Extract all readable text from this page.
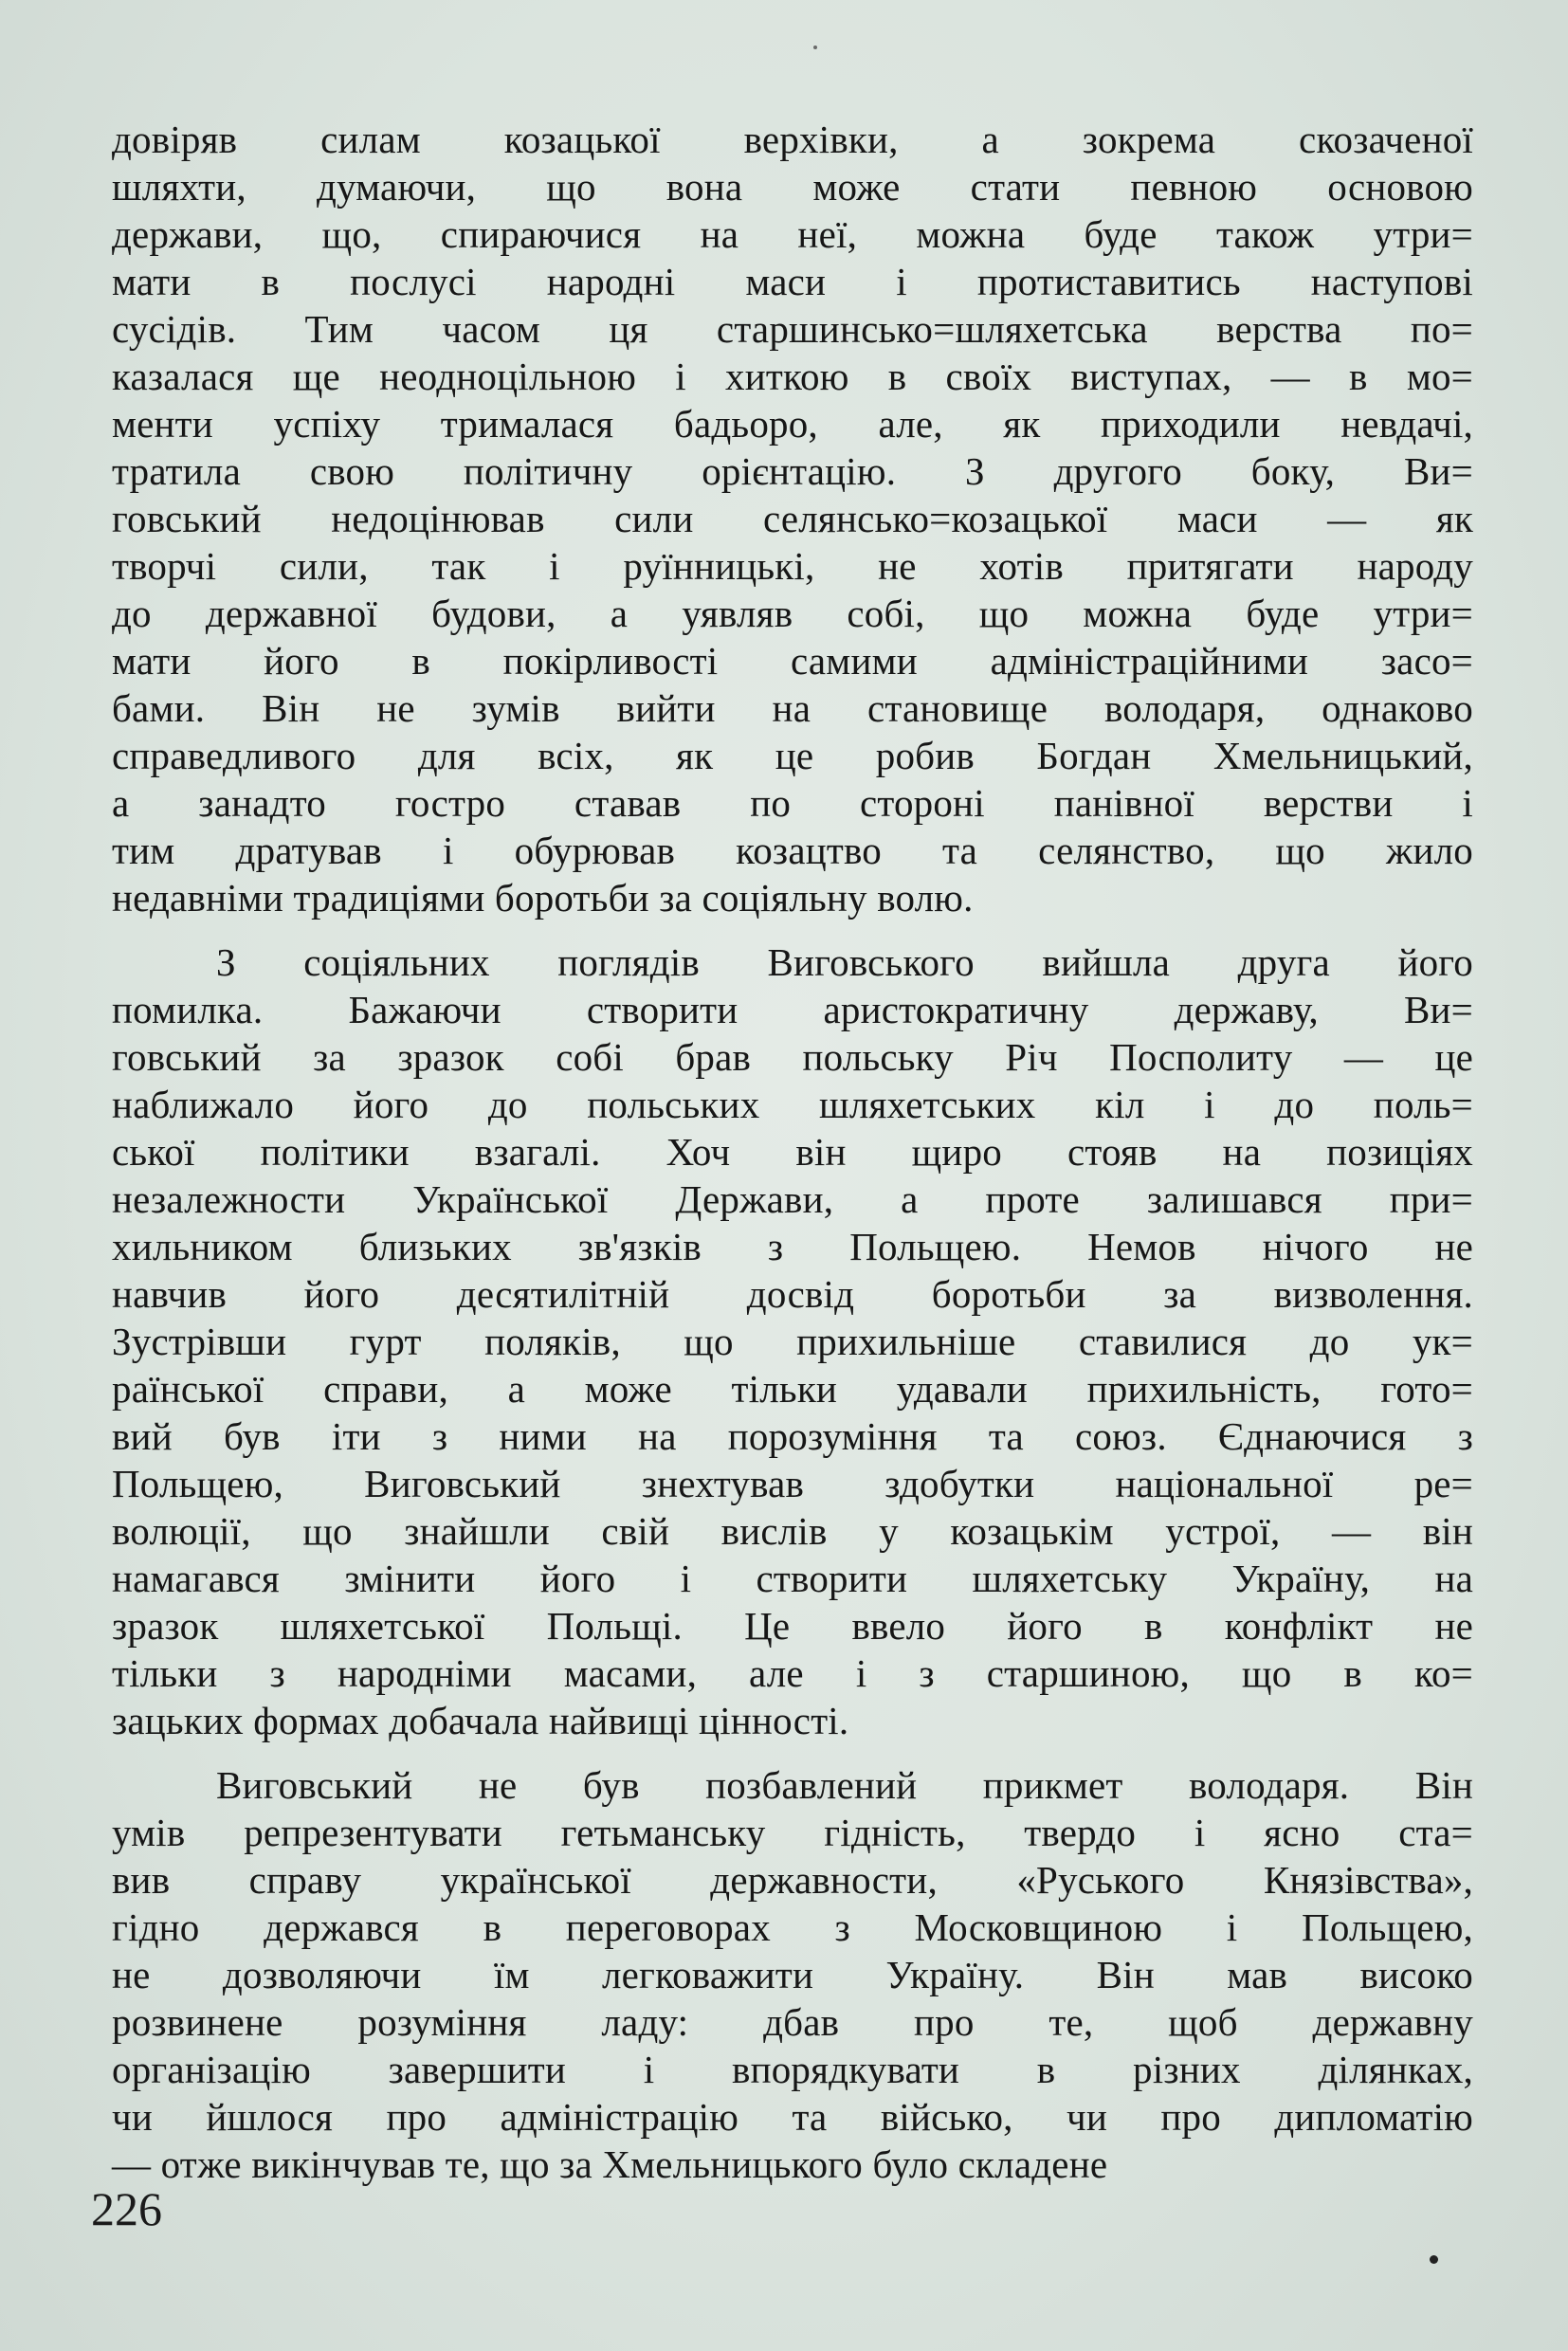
довіряв силам козацької верхівки, а зокрема скозаченої
шляхти, думаючи, що вона може стати певною основою
держави, що, спираючися на неї, можна буде також утри=
мати в послусі народні маси і протиставитись наступові
сусідів. Тим часом ця старшинсько=шляхетська верства по=
казалася ще неодноцільною і хиткою в своїх виступах, — в мо=
менти успіху трималася бадьоро, але, як приходили невдачі,
тратила свою політичну орієнтацію. З другого боку, Ви=
говський недоцінював сили селянсько=козацької маси — як
творчі сили, так і руїнницькі, не хотів притягати народу
до державної будови, а уявляв собі, що можна буде утри=
мати його в покірливості самими адміністраційними засо=
бами. Він не зумів вийти на становище володаря, однаково
справедливого для всіх, як це робив Богдан Хмельницький,
а занадто гостро ставав по стороні панівної верстви і
тим дратував і обурював козацтво та селянство, що жило
недавніми традиціями боротьби за соціяльну волю.
З соціяльних поглядів Виговського вийшла друга його
помилка. Бажаючи створити аристократичну державу, Ви=
говський за зразок собі брав польську Річ Посполиту — це
наближало його до польських шляхетських кіл і до поль=
ської політики взагалі. Хоч він щиро стояв на позиціях
незалежности Української Держави, а проте залишався при=
хильником близьких зв'язків з Польщею. Немов нічого не
навчив його десятилітній досвід боротьби за визволення.
Зустрівши гурт поляків, що прихильніше ставилися до ук=
раїнської справи, а може тільки удавали прихильність, гото=
вий був іти з ними на порозуміння та союз. Єднаючися з
Польщею, Виговський знехтував здобутки національної ре=
волюції, що знайшли свій вислів у козацькім устрої, — він
намагався змінити його і створити шляхетську Україну, на
зразок шляхетської Польщі. Це ввело його в конфлікт не
тільки з народніми масами, але і з старшиною, що в ко=
зацьких формах добачала найвищі цінності.
Виговський не був позбавлений прикмет володаря. Він
умів репрезентувати гетьманську гідність, твердо і ясно ста=
вив справу української державности, «Руського Князівства»,
гідно держався в переговорах з Московщиною і Польщею,
не дозволяючи їм легковажити Україну. Він мав високо
розвинене розуміння ладу: дбав про те, щоб державну
організацію завершити і впорядкувати в різних ділянках,
чи йшлося про адміністрацію та військо, чи про дипломатію
— отже викінчував те, що за Хмельницького було складене
226
